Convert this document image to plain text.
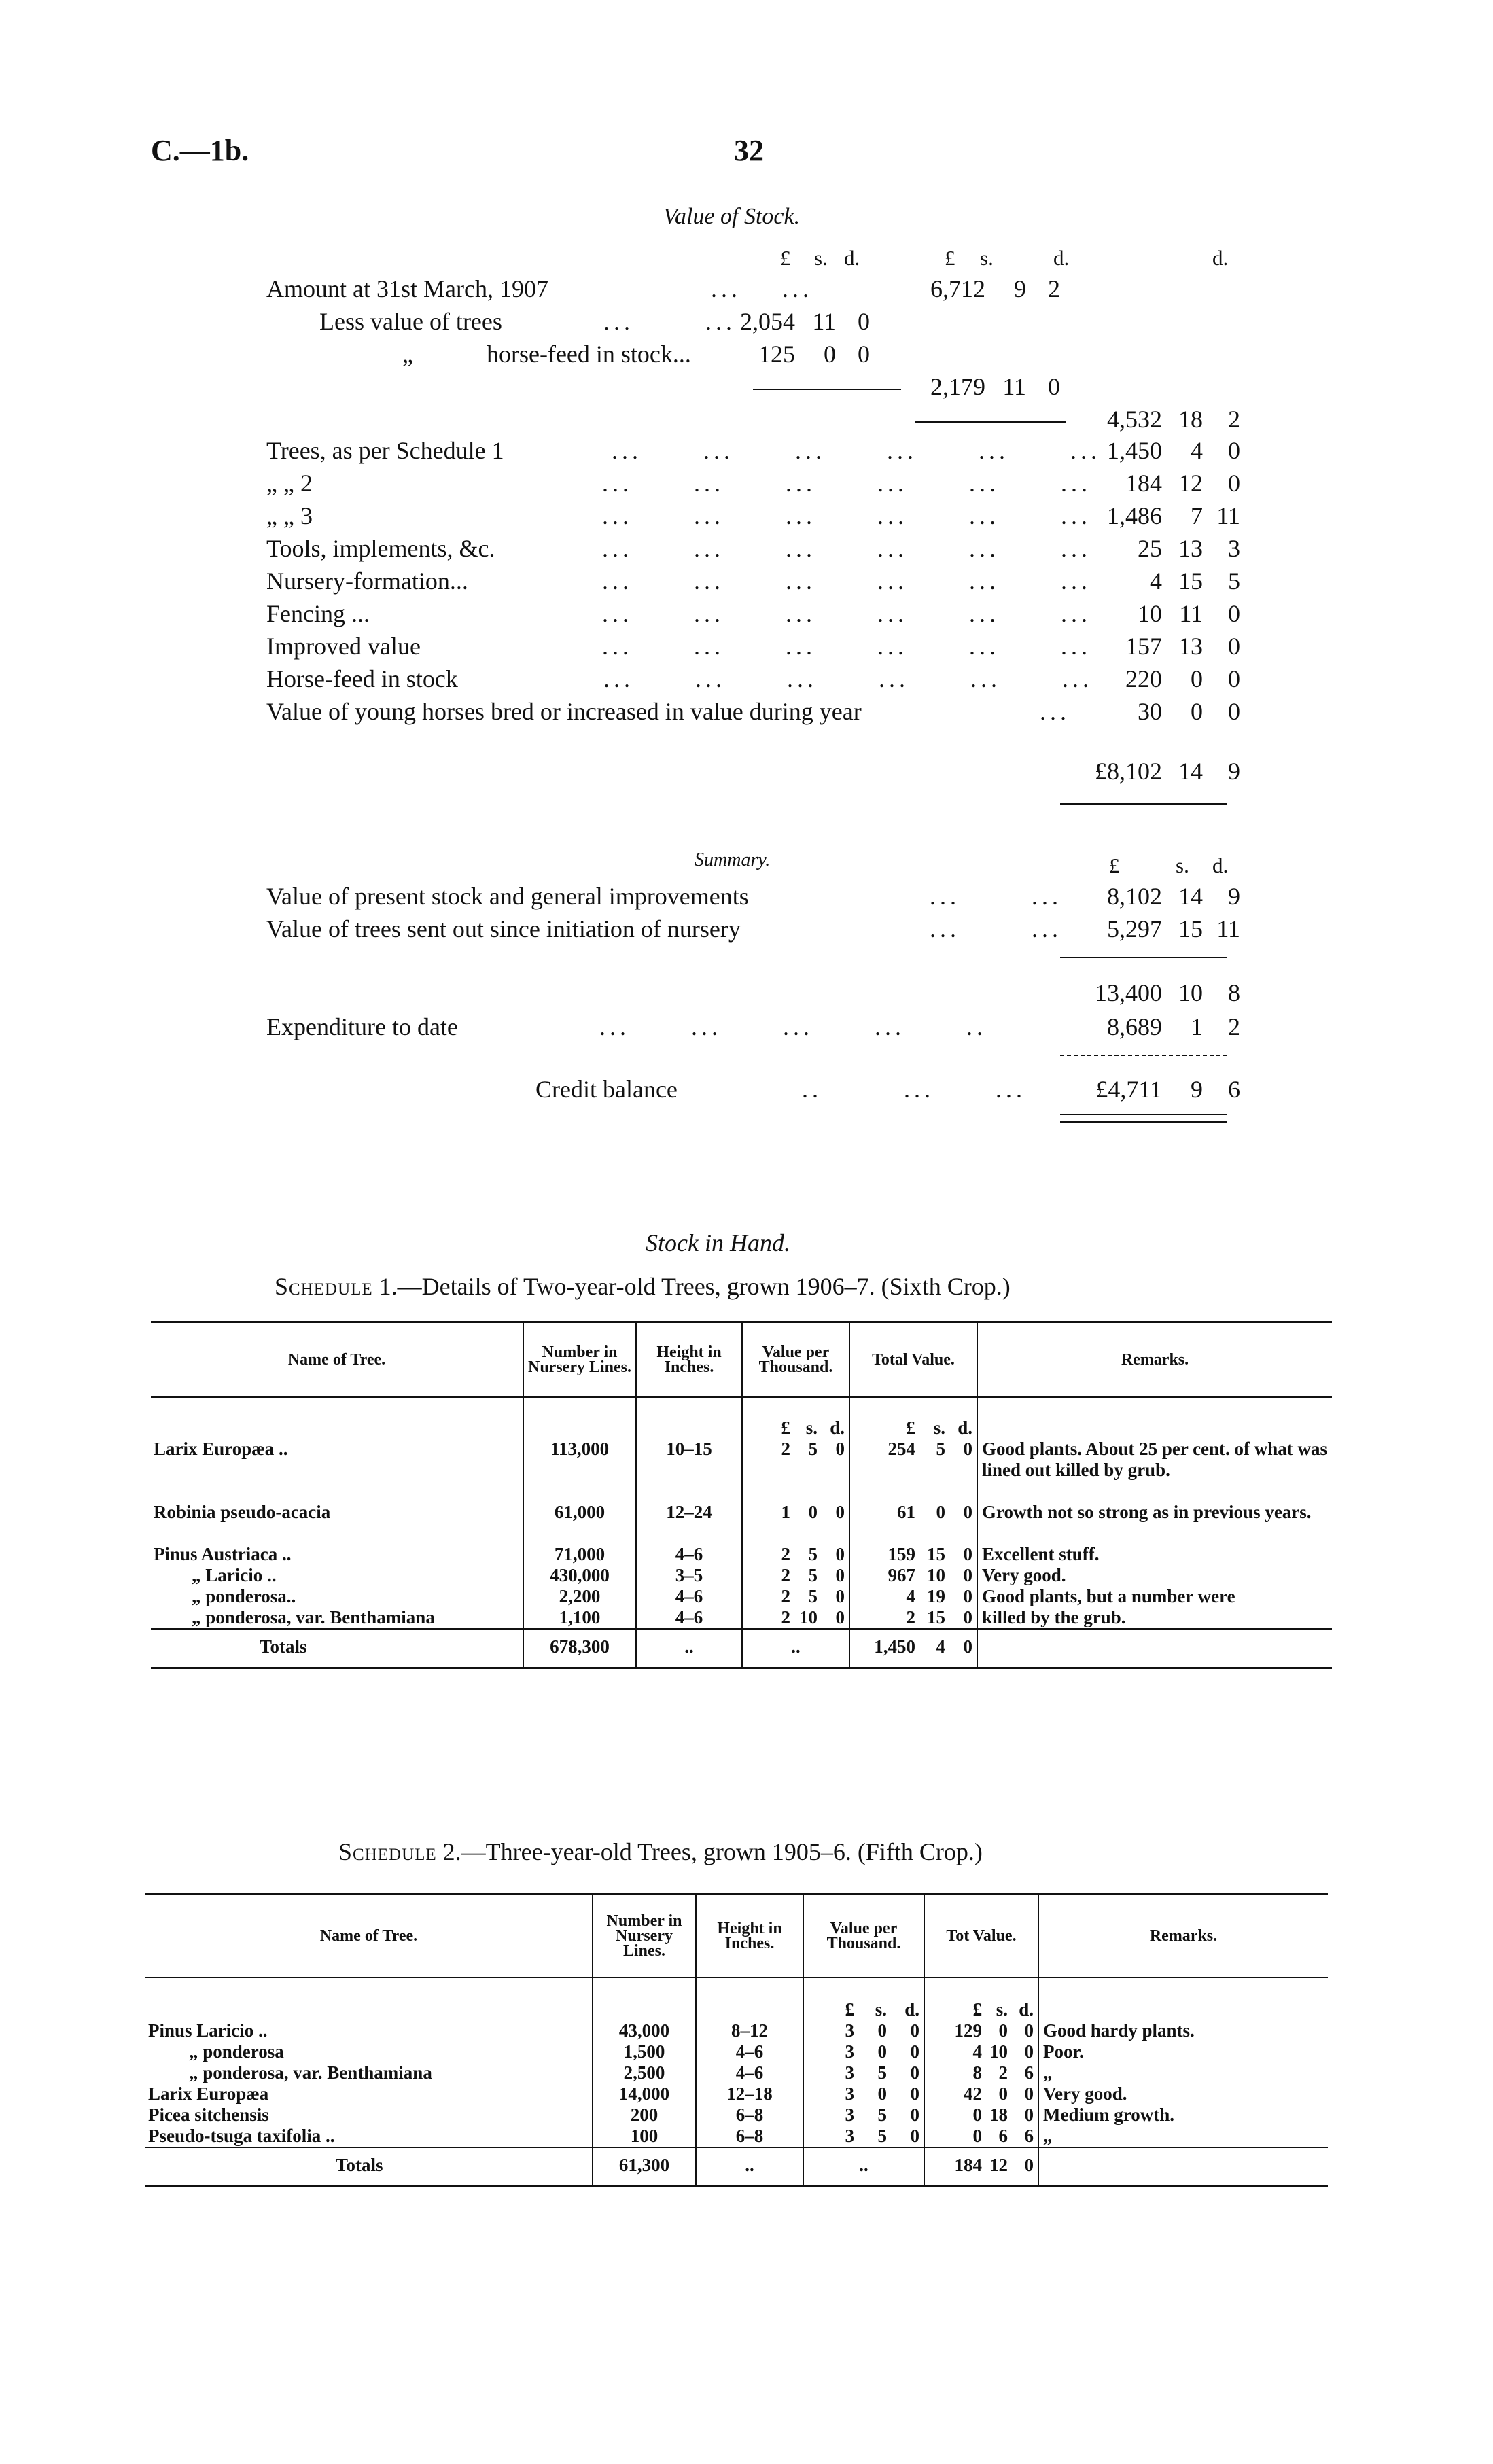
C.—1b.	32
Value of Stock.
£ s. d.	£ s.	d.	d.
Amount at 31st March, 1907	...    ...	6,712 9 2
Less value of trees	...       ... 2,054 11 0
„	horse-feed in stock...	125 0 0
2,179 11 0
4,532 18 2
Trees, as per Schedule 1	...      ...      ...      ...      ...      ... 1,450 4 0
„ „ 2	...      ...      ...      ...      ...      ...	184 12 0
„ „ 3	...      ...      ...      ...      ...      ... 1,486 7 11
Tools, implements, &c.	...      ...      ...      ...      ...      ...	25 13 3
Nursery-formation...	...      ...      ...      ...      ...      ...	4 15 5
Fencing ...	...      ...      ...      ...      ...      ...	10 11 0
Improved value	...      ...      ...      ...      ...      ...	157 13 0
Horse-feed in stock	...      ...      ...      ...      ...      ...	220 0 0
Value of young horses bred or increased in value during year	...	30 0 0
£8,102 14 9
Summary.	£	s. d.
Value of present stock and general improvements	...       ...	8,102 14 9
Value of trees sent out since initiation of nursery	...       ...	5,297 15 11
13,400 10 8
Expenditure to date	...      ...      ...      ...      ..	8,689 1 2
Credit balance	..        ...      ...	£4,711 9 6
Stock in Hand.
Schedule 1.—Details of Two-year-old Trees, grown 1906–7. (Sixth Crop.)
Name of Tree.	Number in Nursery Lines.	Height in Inches.	Value per Thousand.	Total Value.	Remarks.
			£ s. d.	£ s. d.	
Larix Europæa ..	113,000	10–15	2 5 0	254 5 0	Good plants. About 25 per cent. of what was lined out killed by grub.
Robinia pseudo-acacia	61,000	12–24	1 0 0	61 0 0	Growth not so strong as in previous years.
Pinus Austriaca ..	71,000	4–6	2 5 0	159 15 0	Excellent stuff.
„ Laricio ..	430,000	3–5	2 5 0	967 10 0	Very good.
„ ponderosa..	2,200	4–6	2 5 0	4 19 0	Good plants, but a number were
„ ponderosa, var. Benthamiana	1,100	4–6	2 10 0	2 15 0	killed by the grub.
Totals	678,300	..	..	1,450 4 0	
Schedule 2.—Three-year-old Trees, grown 1905–6. (Fifth Crop.)
Name of Tree.	Number in Nursery Lines.	Height in Inches.	Value per Thousand.	Tot Value.	Remarks.
			£ s. d.	£ s. d.	
Pinus Laricio ..	43,000	8–12	3 0 0	129 0 0	Good hardy plants.
„ ponderosa	1,500	4–6	3 0 0	4 10 0	Poor.
„ ponderosa, var. Benthamiana	2,500	4–6	3 5 0	8 2 6	„
Larix Europæa	14,000	12–18	3 0 0	42 0 0	Very good.
Picea sitchensis	200	6–8	3 5 0	0 18 0	Medium growth.
Pseudo-tsuga taxifolia ..	100	6–8	3 5 0	0 6 6	„
Totals	61,300	..	..	184 12 0	
